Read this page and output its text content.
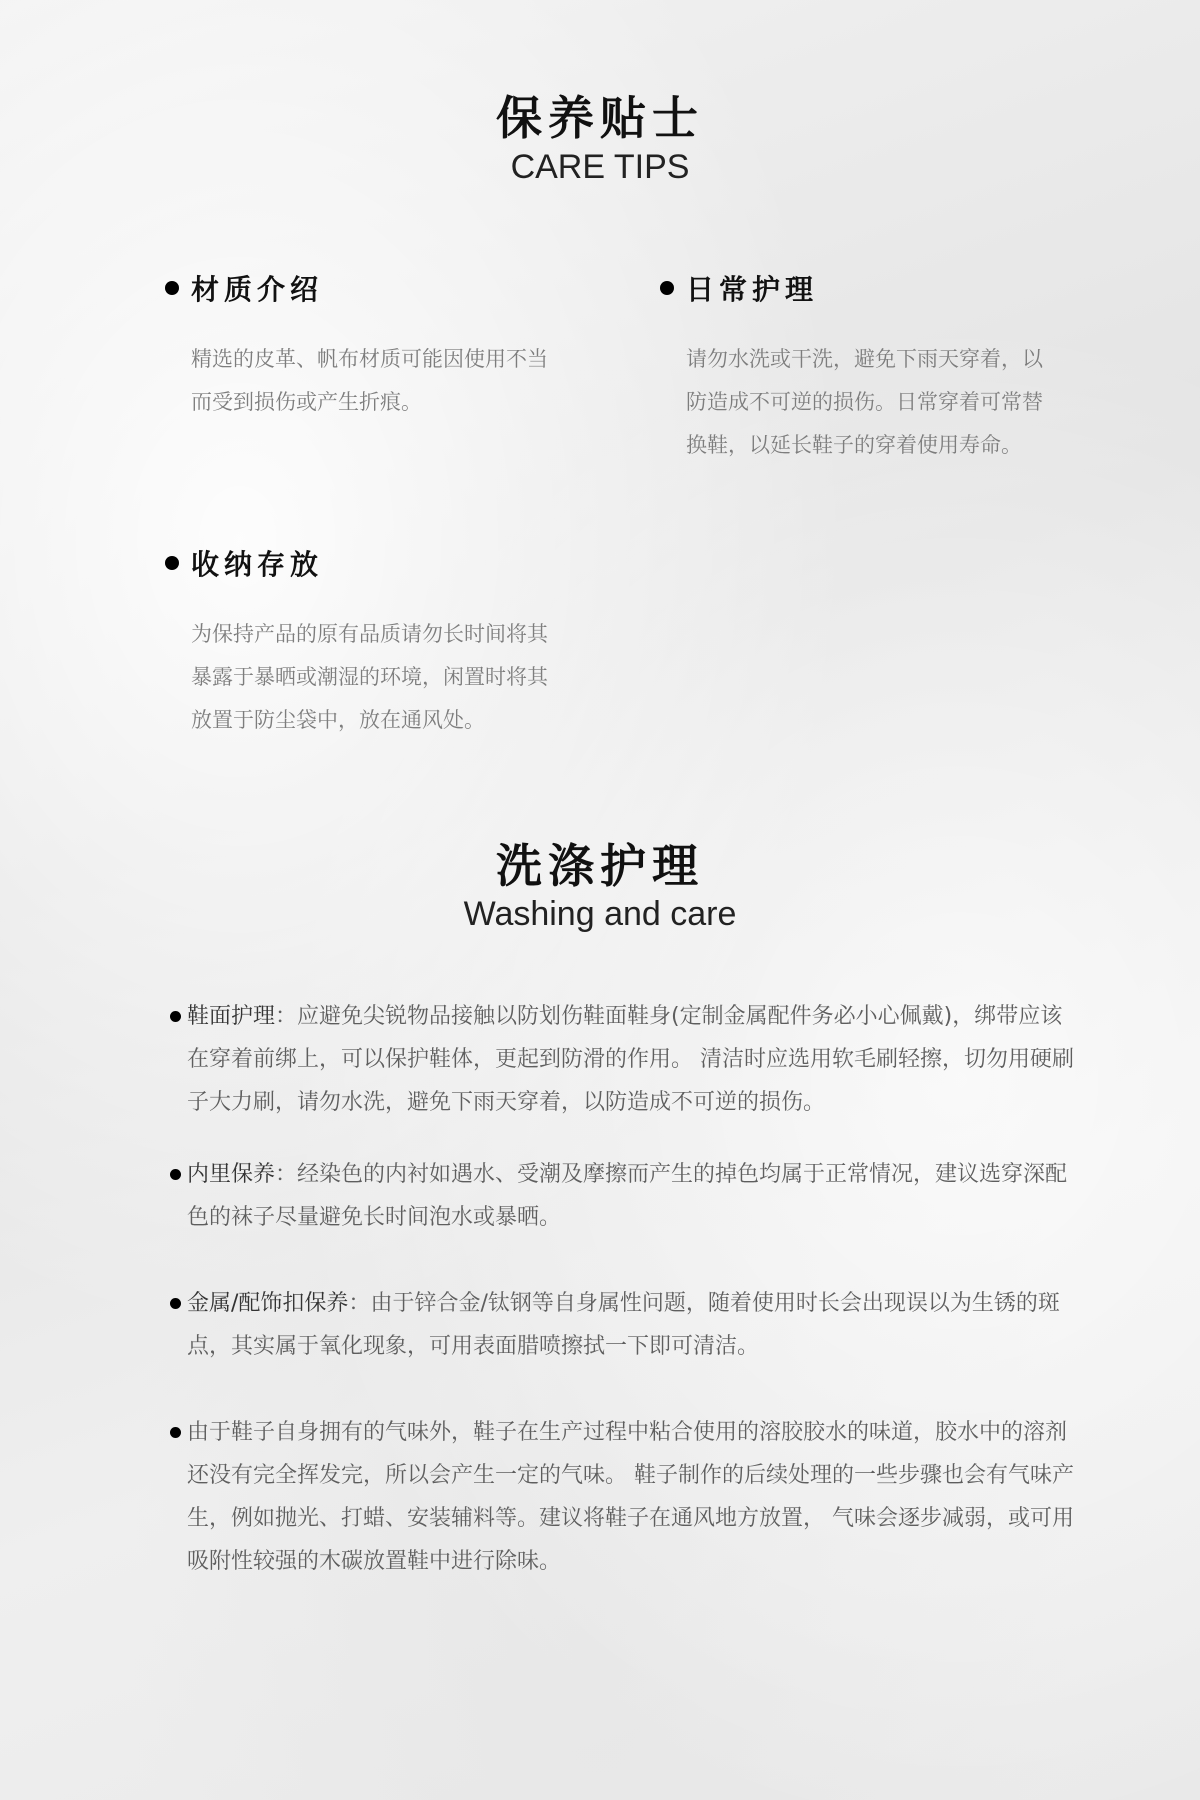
保养贴士
CARE TIPS
材质介绍
精选的皮革、帆布材质可能因使用不当而受到损伤或产生折痕。
日常护理
请勿水洗或干洗，避免下雨天穿着，以防造成不可逆的损伤。日常穿着可常替换鞋，以延长鞋子的穿着使用寿命。
收纳存放
为保持产品的原有品质请勿长时间将其暴露于暴晒或潮湿的环境，闲置时将其放置于防尘袋中，放在通风处。
洗涤护理
Washing and care
鞋面护理：应避免尖锐物品接触以防划伤鞋面鞋身(定制金属配件务必小心佩戴)，绑带应该在穿着前绑上，可以保护鞋体，更起到防滑的作用。 清洁时应选用软毛刷轻擦，切勿用硬刷子大力刷，请勿水洗，避免下雨天穿着，以防造成不可逆的损伤。
内里保养：经染色的内衬如遇水、受潮及摩擦而产生的掉色均属于正常情况，建议选穿深配色的袜子尽量避免长时间泡水或暴晒。
金属/配饰扣保养：由于锌合金/钛钢等自身属性问题，随着使用时长会出现误以为生锈的斑点，其实属于氧化现象，可用表面腊喷擦拭一下即可清洁。
由于鞋子自身拥有的气味外，鞋子在生产过程中粘合使用的溶胶胶水的味道，胶水中的溶剂还没有完全挥发完，所以会产生一定的气味。 鞋子制作的后续处理的一些步骤也会有气味产生，例如抛光、打蜡、安装辅料等。建议将鞋子在通风地方放置， 气味会逐步减弱，或可用吸附性较强的木碳放置鞋中进行除味。
